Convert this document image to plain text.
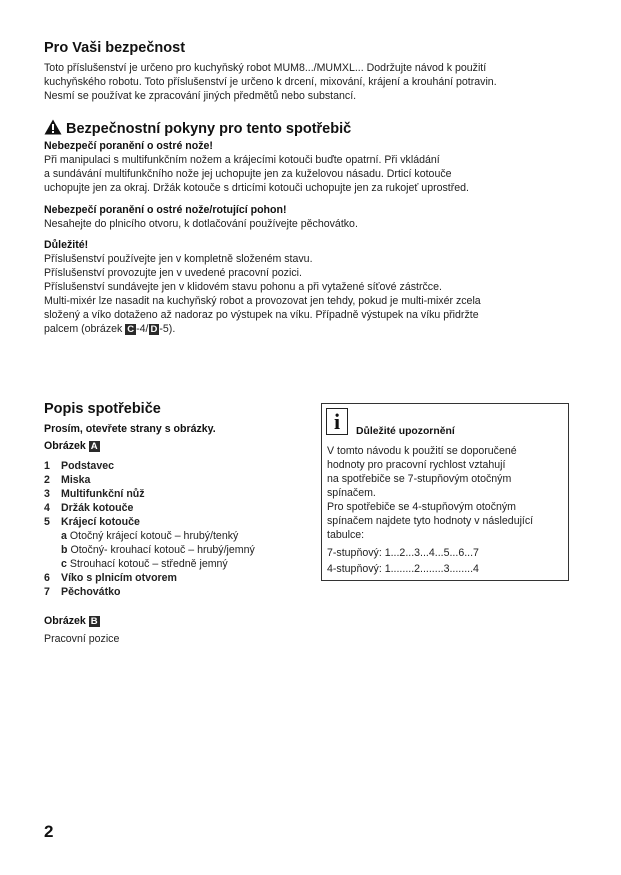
Pro Vaši bezpečnost
Toto příslušenství je určeno pro kuchyňský robot MUM8.../MUMXL... Dodržujte návod k použití
kuchyňského robotu. Toto příslušenství je určeno k drcení, mixování, krájení a krouhání potravin.
Nesmí se používat ke zpracování jiných předmětů nebo substancí.
Bezpečnostní pokyny pro tento spotřebič
Nebezpečí poranění o ostré nože!
Při manipulaci s multifunkčním nožem a krájecími kotouči buďte opatrní. Při vkládání
a sundávání multifunkčního nože jej uchopujte jen za kuželovou násadu. Drticí kotouče
uchopujte jen za okraj. Držák kotouče s drticími kotouči uchopujte jen za rukojeť uprostřed.
Nebezpečí poranění o ostré nože/rotující pohon!
Nesahejte do plnicího otvoru, k dotlačování používejte pěchovátko.
Důležité!
Příslušenství používejte jen v kompletně složeném stavu.
Příslušenství provozujte jen v uvedené pracovní pozici.
Příslušenství sundávejte jen v klidovém stavu pohonu a při vytažené síťové zástrčce.
Multi-mixér lze nasadit na kuchyňský robot a provozovat jen tehdy, pokud je multi-mixér zcela
složený a víko dotaženo až nadoraz po výstupek na víku. Případně výstupek na víku přidržte
palcem (obrázek C -4/ D -5).
Popis spotřebiče
Prosím, otevřete strany s obrázky.
Obrázek A
1	Podstavec
2	Miska
3	Multifunkční nůž
4	Držák kotouče
5	Krájecí kotouče
a Otočný krájecí kotouč – hrubý/tenký
b Otočný- krouhací kotouč – hrubý/jemný
c Strouhací kotouč – středně jemný
6	Víko s plnicím otvorem
7	Pěchovátko
Obrázek B
Pracovní pozice
i	Důležité upozornění
V tomto návodu k použití se doporučené
hodnoty pro pracovní rychlost vztahují
na spotřebiče se 7-stupňovým otočným
spínačem.
Pro spotřebiče se 4-stupňovým otočným
spínačem najdete tyto hodnoty v následující
tabulce:
7-stupňový: 1...2...3...4...5...6...7
4-stupňový: 1........2........3........4
2
